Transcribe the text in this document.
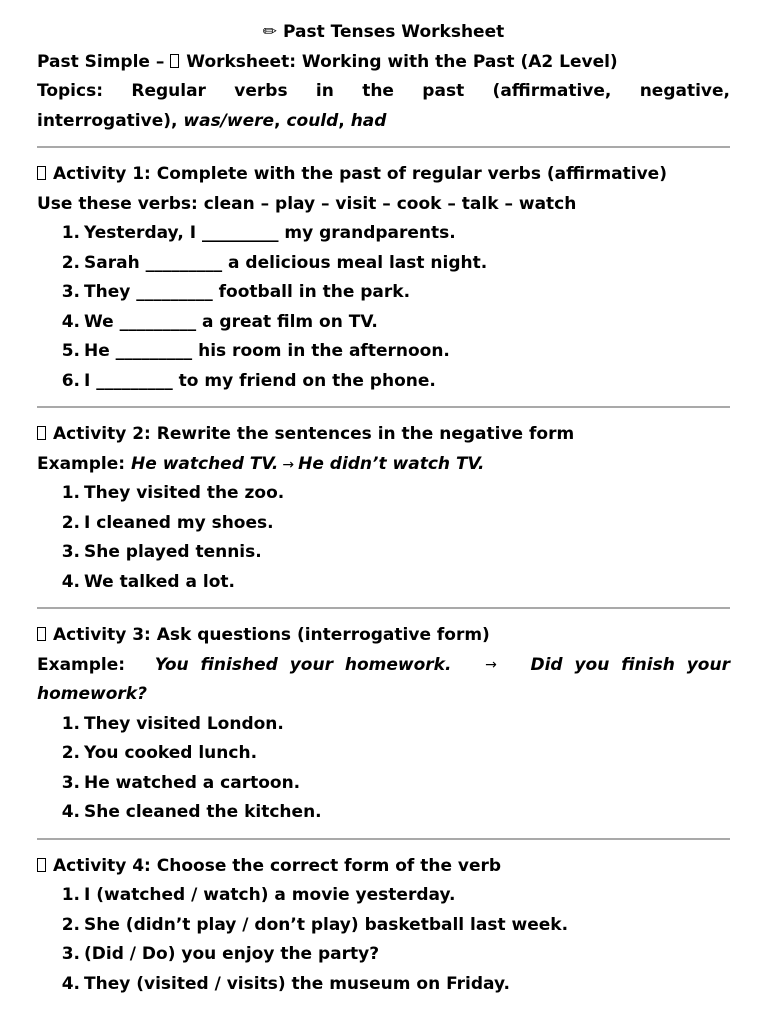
✏ Past Tenses Worksheet
Past Simple – Worksheet: Working with the Past (A2 Level)
Topics: Regular verbs in the past (affirmative, negative,
interrogative), was/were, could, had
Activity 1: Complete with the past of regular verbs (affirmative)
Use these verbs: clean – play – visit – cook – talk – watch
1. Yesterday, I _________ my grandparents.
2. Sarah _________ a delicious meal last night.
3. They _________ football in the park.
4. We _________ a great film on TV.
5. He _________ his room in the afternoon.
6. I _________ to my friend on the phone.
Activity 2: Rewrite the sentences in the negative form
Example: He watched TV. → He didn’t watch TV.
1. They visited the zoo.
2. I cleaned my shoes.
3. She played tennis.
4. We talked a lot.
Activity 3: Ask questions (interrogative form)
Example: You finished your homework. → Did you finish your
homework?
1. They visited London.
2. You cooked lunch.
3. He watched a cartoon.
4. She cleaned the kitchen.
Activity 4: Choose the correct form of the verb
1. I (watched / watch) a movie yesterday.
2. She (didn’t play / don’t play) basketball last week.
3. (Did / Do) you enjoy the party?
4. They (visited / visits) the museum on Friday.
